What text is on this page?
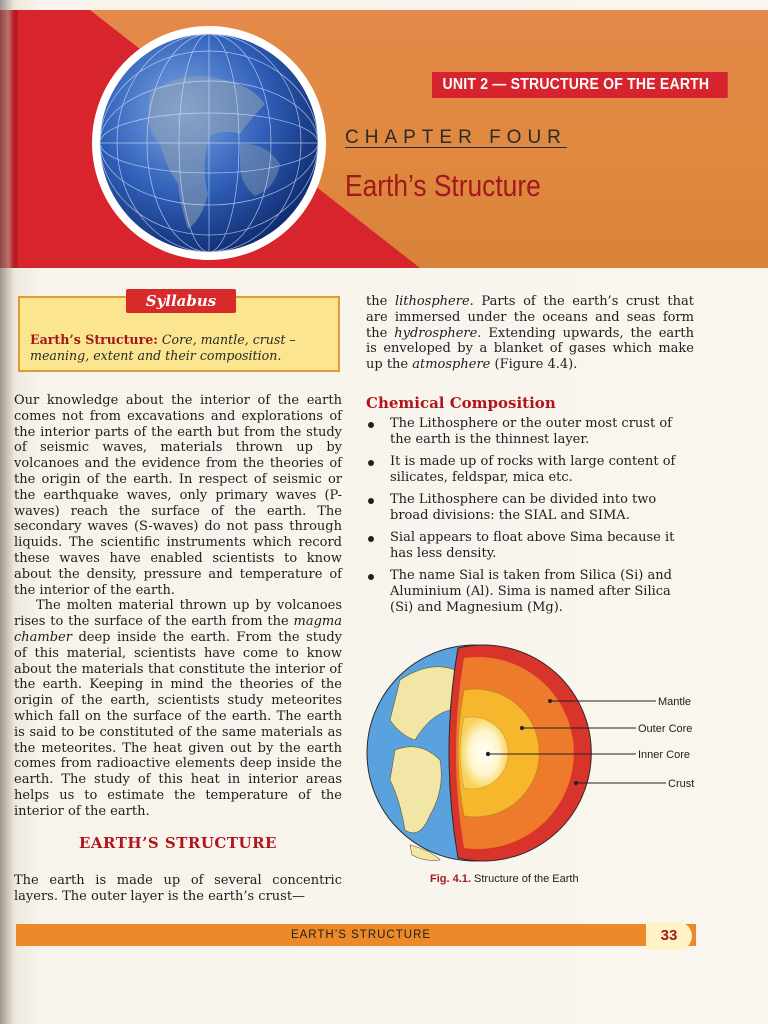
UNIT 2 — STRUCTURE OF THE EARTH
CHAPTER FOUR
Earth’s Structure
Syllabus
Earth’s Structure: Core, mantle, crust – meaning, extent and their composition.

Our knowledge about the interior of the earth comes not from excavations and explorations of the interior parts of the earth but from the study of seismic waves, materials thrown up by volcanoes and the evidence from the theories of the origin of the earth. In respect of seismic or the earthquake waves, only primary waves (P-waves) reach the surface of the earth. The secondary waves (S-waves) do not pass through liquids. The scientific instruments which record these waves have enabled scientists to know about the density, pressure and temperature of the interior of the earth.

The molten material thrown up by volcanoes rises to the surface of the earth from the magma chamber deep inside the earth. From the study of this material, scientists have come to know about the materials that constitute the interior of the earth. Keeping in mind the theories of the origin of the earth, scientists study meteorites which fall on the surface of the earth. The earth is said to be constituted of the same materials as the meteorites. The heat given out by the earth comes from radioactive elements deep inside the earth. The study of this heat in interior areas helps us to estimate the temperature of the interior of the earth.

EARTH’S STRUCTURE

The earth is made up of several concentric layers. The outer layer is the earth’s crust—

the lithosphere. Parts of the earth’s crust that are immersed under the oceans and seas form the hydrosphere. Extending upwards, the earth is enveloped by a blanket of gases which make up the atmosphere (Figure 4.4).

Chemical Composition

The Lithosphere or the outer most crust of the earth is the thinnest layer.
It is made up of rocks with large content of silicates, feldspar, mica etc.
The Lithosphere can be divided into two broad divisions: the SIAL and SIMA.
Sial appears to float above Sima because it has less density.
The name Sial is taken from Silica (Si) and Aluminium (Al). Sima is named after Silica (Si) and Magnesium (Mg).
Mantle
Outer Core
Inner Core
Crust
Fig. 4.1. Structure of the Earth
EARTH’S STRUCTURE	33
